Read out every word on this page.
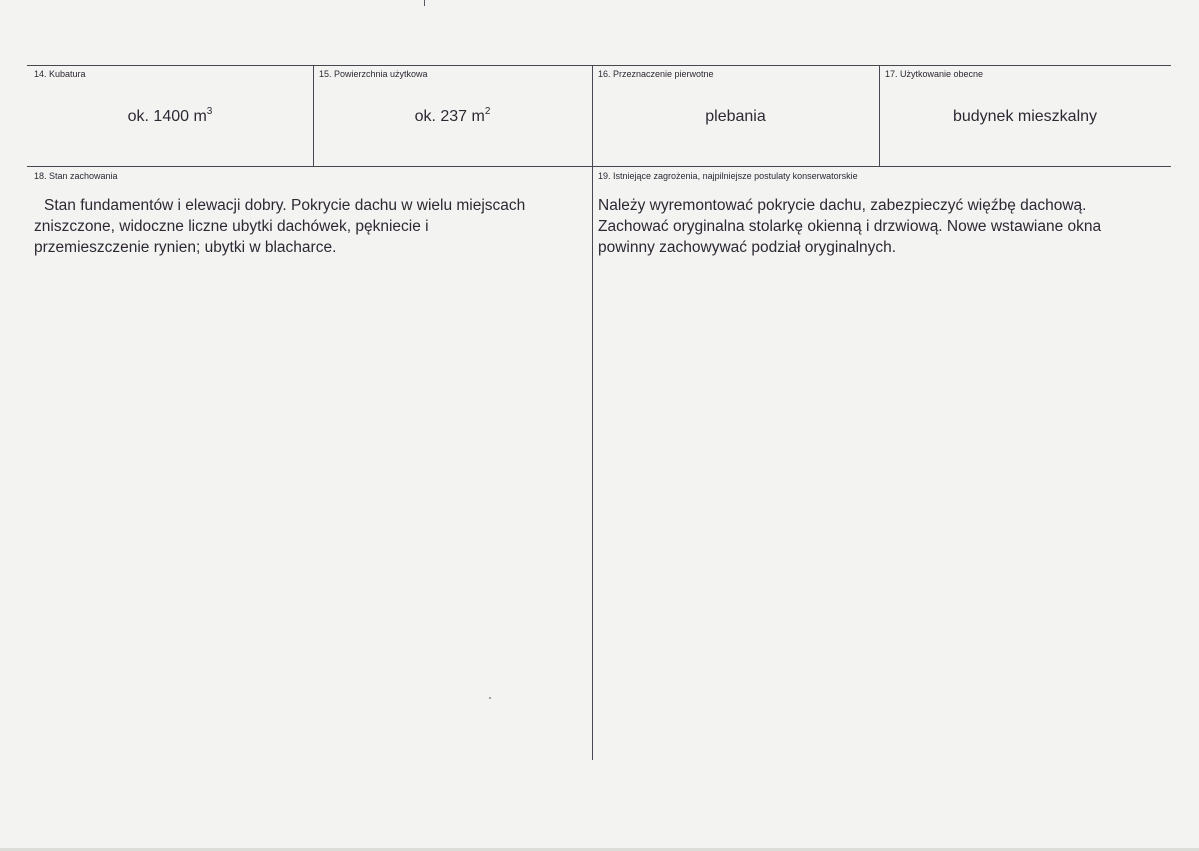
14. Kubatura
ok. 1400 $m^3$
15. Powierzchnia użytkowa
ok. 237 $m^2$
16. Przeznaczenie pierwotne
plebania
17. Użytkowanie obecne
budynek mieszkalny
18. Stan zachowania
Stan fundamentów i elewacji dobry. Pokrycie dachu w wielu miejscach
zniszczone, widoczne liczne ubytki dachówek, pękniecie i
przemieszczenie rynien; ubytki w blacharce.
19. Istniejące zagrożenia, najpilniejsze postulaty konserwatorskie
Należy wyremontować pokrycie dachu, zabezpieczyć więźbę dachową.
Zachować oryginalna stolarkę okienną i drzwiową. Nowe wstawiane okna
powinny zachowywać podział oryginalnych.
